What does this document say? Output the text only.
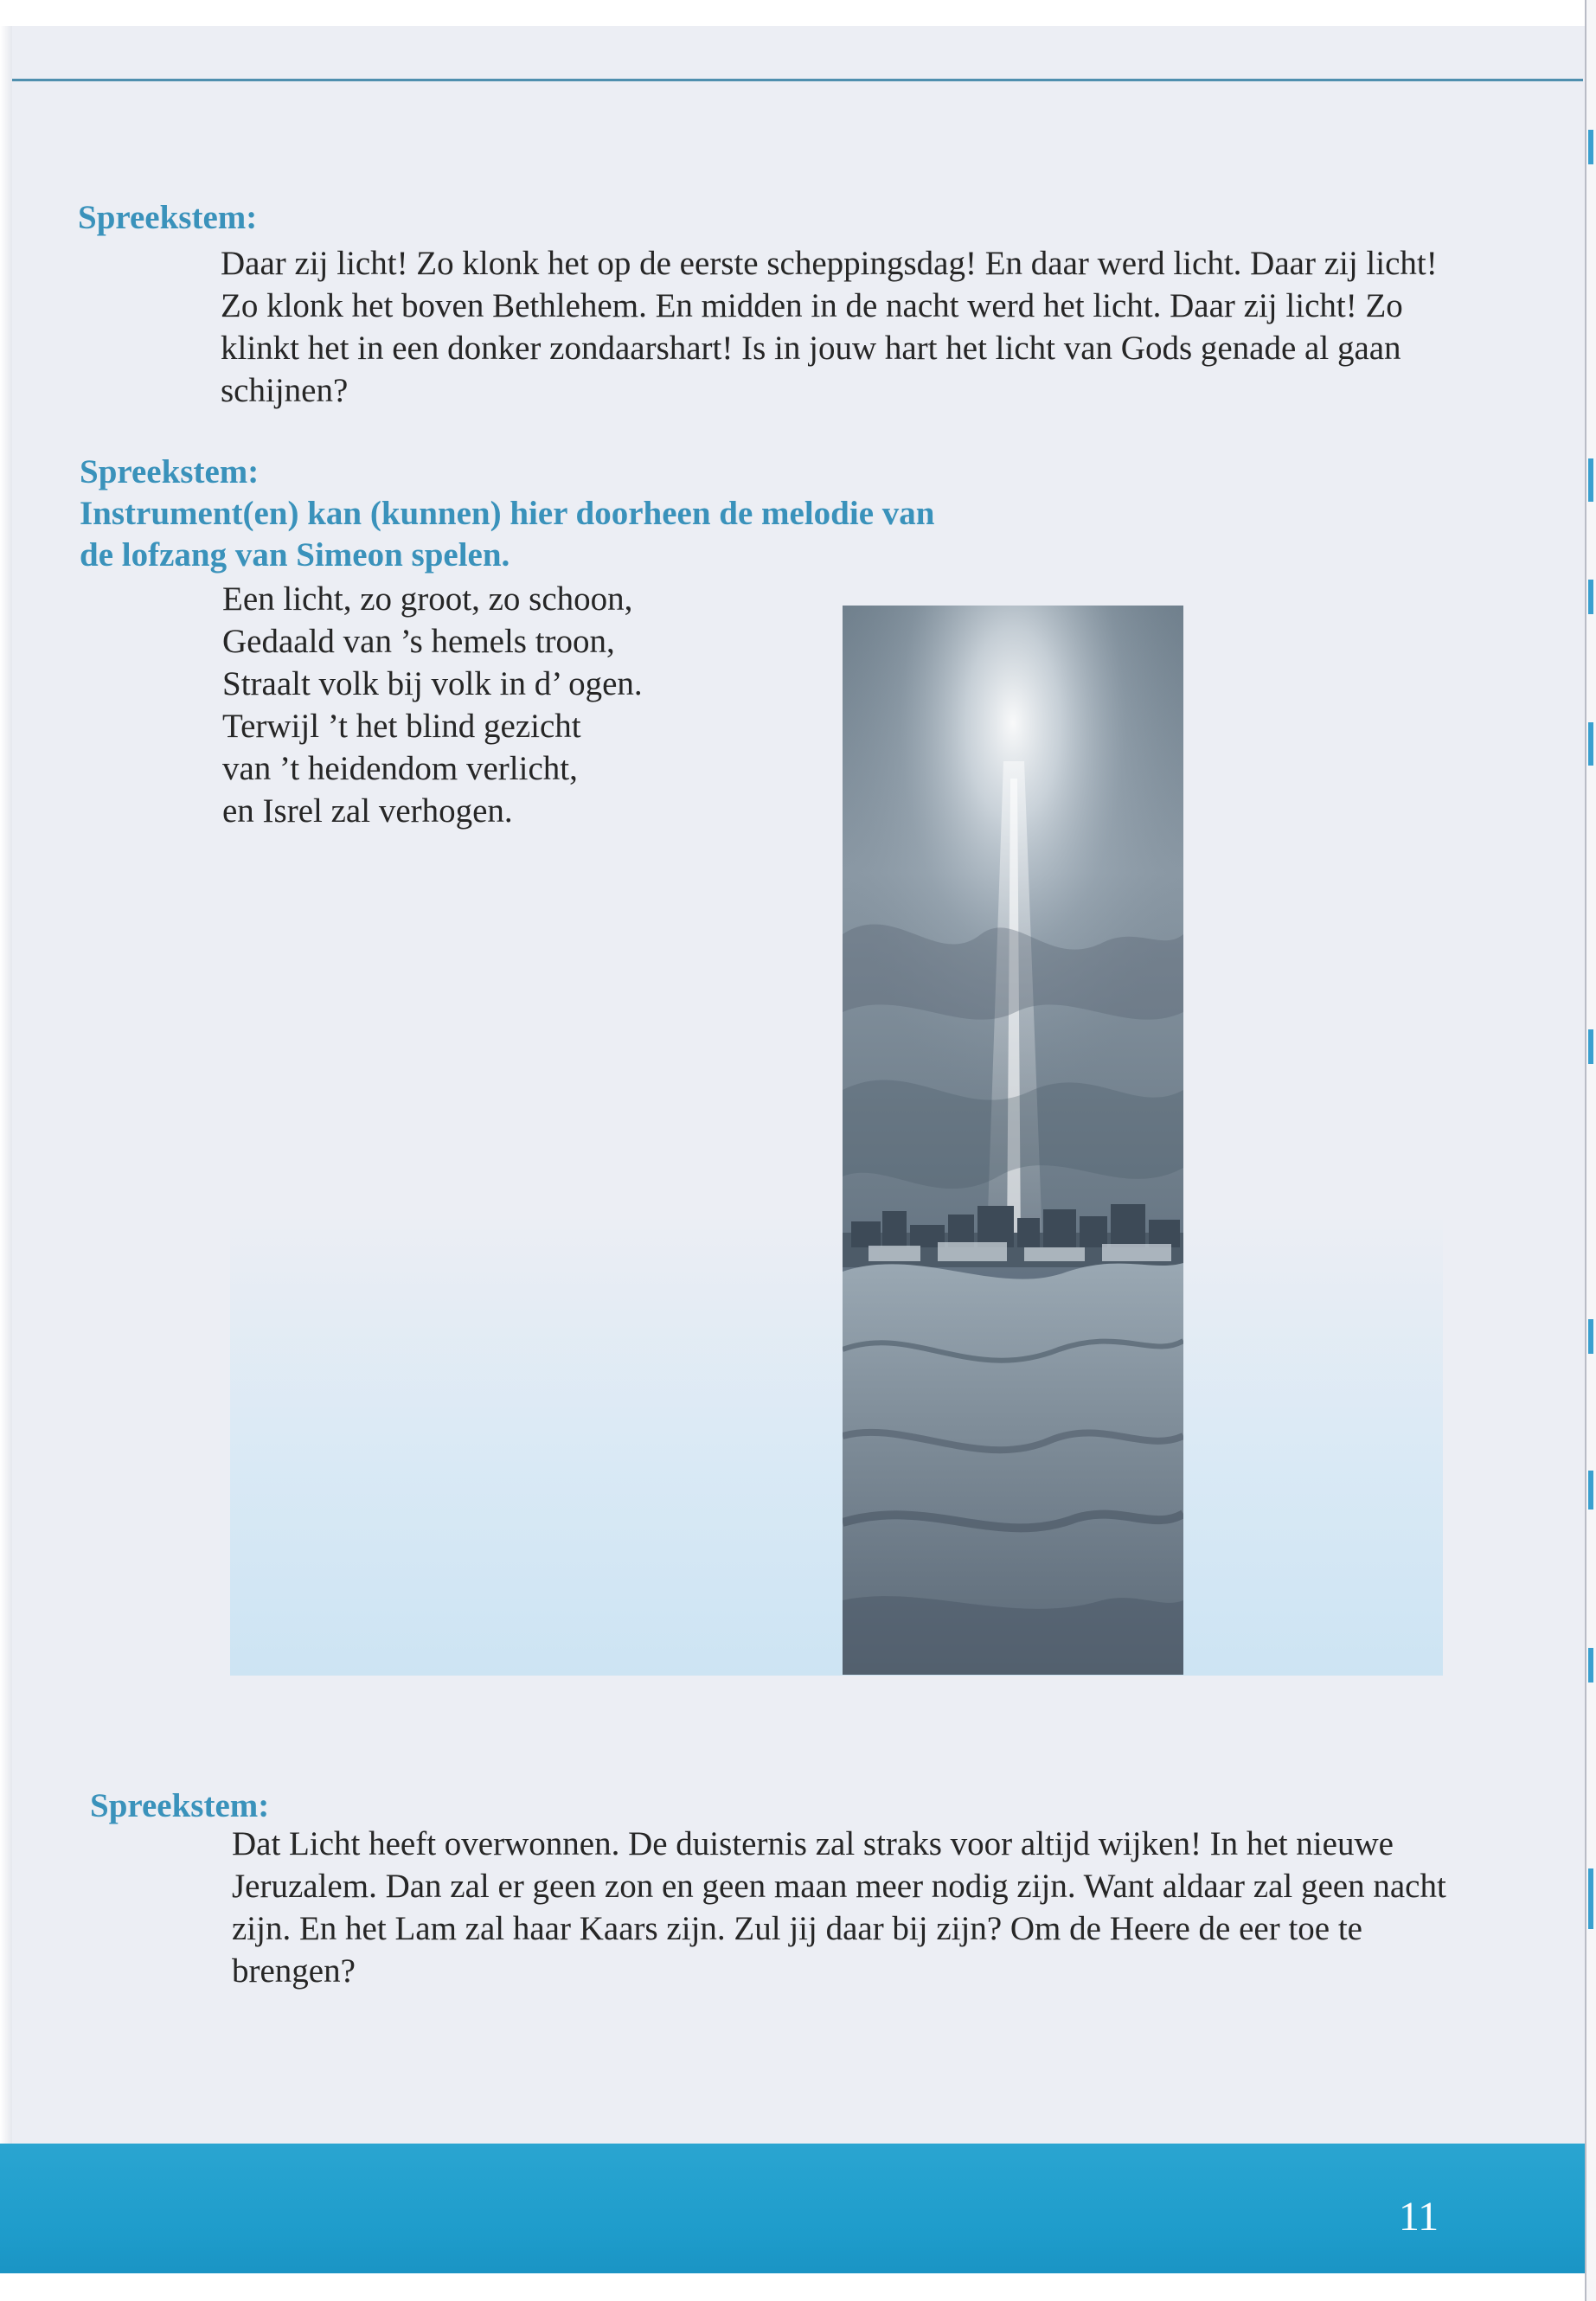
Spreekstem:

Daar zij licht! Zo klonk het op de eerste scheppingsdag! En daar werd licht. Daar zij licht! Zo klonk het boven Bethlehem. En midden in de nacht werd het licht. Daar zij licht! Zo klinkt het in een donker zondaarshart! Is in jouw hart het licht van Gods genade al gaan schijnen?

Spreekstem:
Instrument(en) kan (kunnen) hier doorheen de melodie van
de lofzang van Simeon spelen.
Een licht, zo groot, zo schoon,
Gedaald van ’s hemels troon,
Straalt volk bij volk in d’ ogen.
Terwijl ’t het blind gezicht
van ’t heidendom verlicht,
en Isrel zal verhogen.
Spreekstem:

Dat Licht heeft overwonnen. De duisternis zal straks voor altijd wijken! In het nieuwe Jeruzalem. Dan zal er geen zon en geen maan meer nodig zijn. Want aldaar zal geen nacht zijn. En het Lam zal haar Kaars zijn. Zul jij daar bij zijn? Om de Heere de eer toe te brengen?

11
